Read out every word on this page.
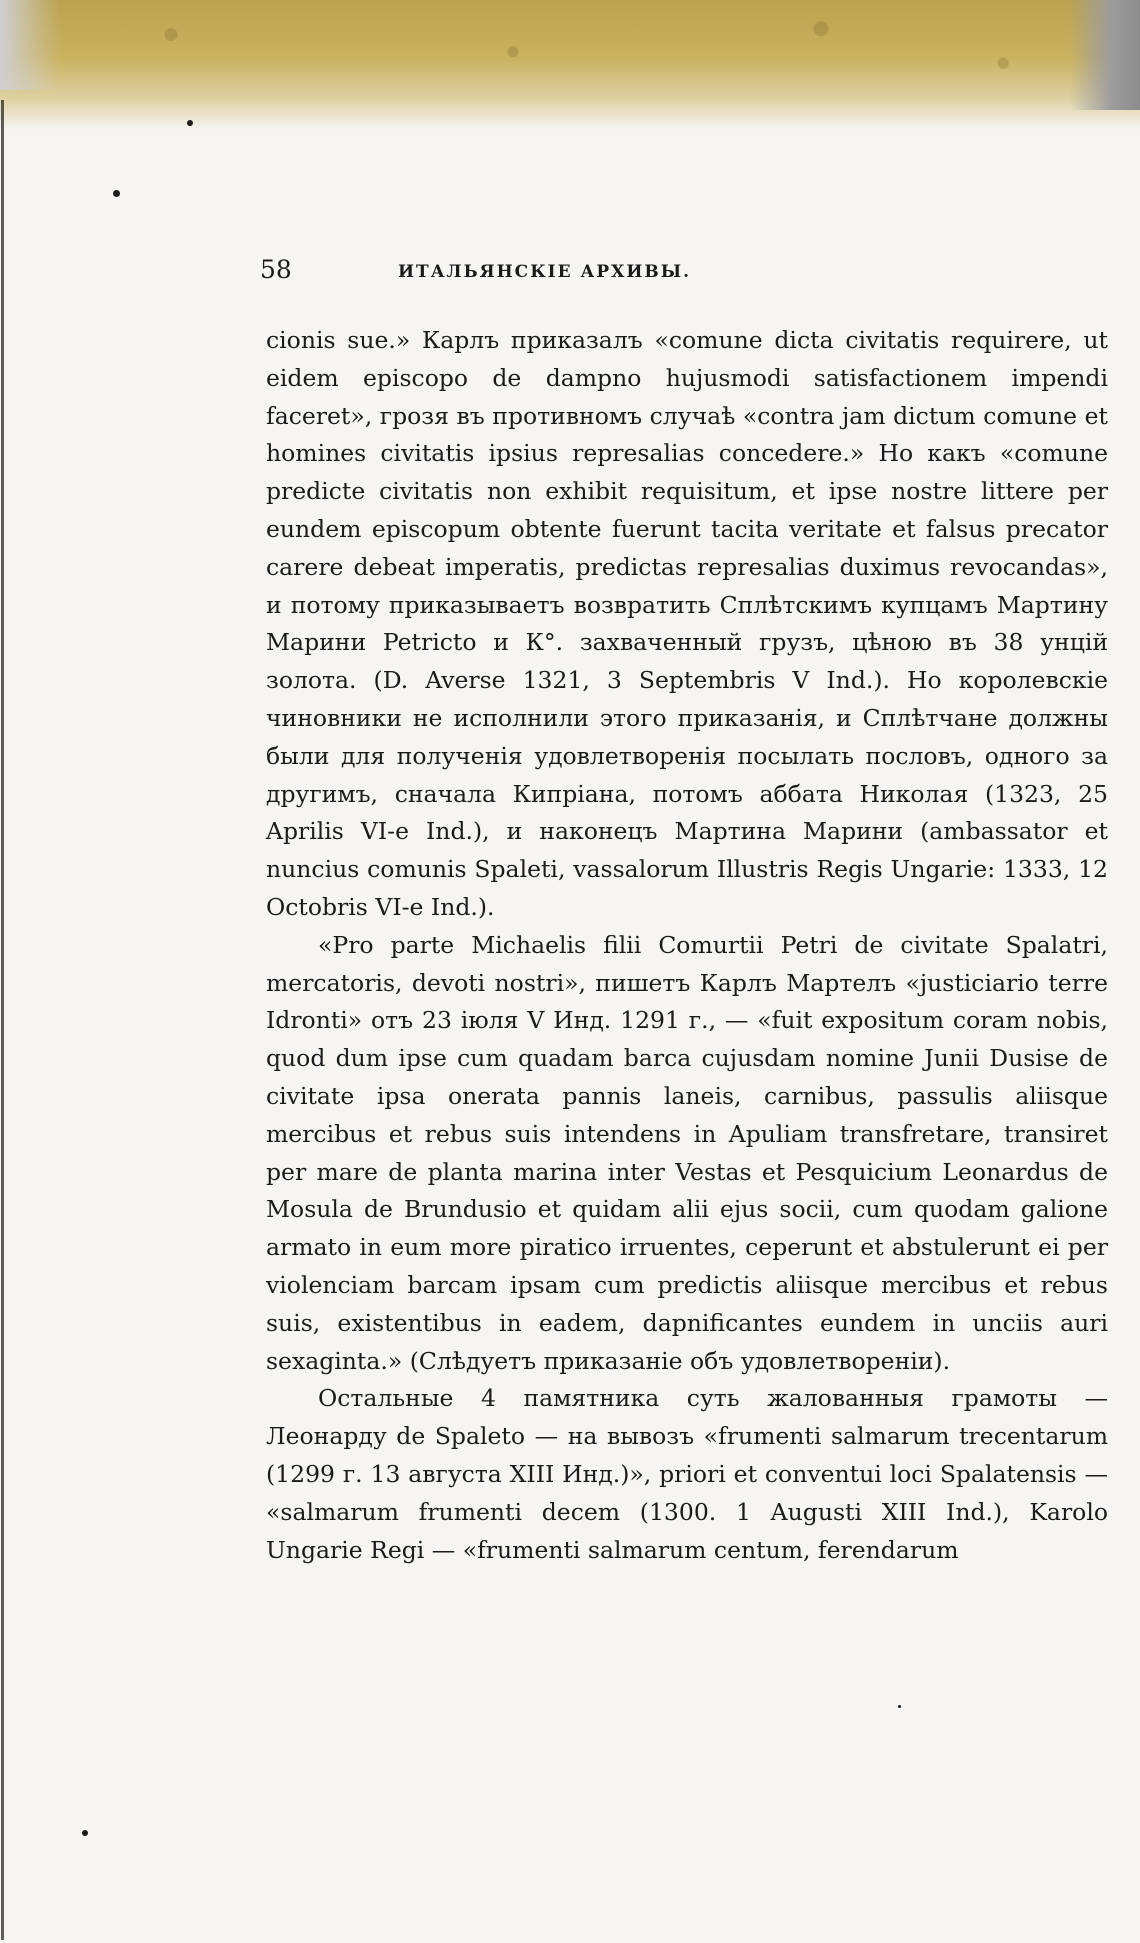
58	ИТАЛЬЯНСКІЕ АРХИВЫ.

cionis sue.» Карлъ приказалъ «comune dicta civitatis requirere, ut eidem episcopo de dampno hujusmodi satisfactionem impendi faceret», грозя въ противномъ случаѣ «contra jam dictum comune et homines civitatis ipsius represalias concedere.» Но какъ «comune predicte civitatis non exhibit requisitum, et ipse nostre littere per eundem episcopum obtente fuerunt tacita veritate et falsus precator carere debeat imperatis, predictas represalias duximus revocandas», и потому приказываетъ возвратить Сплѣтскимъ купцамъ Мартину Марини Petricto и К°. захваченный грузъ, цѣною въ 38 унцій золота. (D. Averse 1321, 3 Septembris V Ind.). Но королевскіе чиновники не исполнили этого приказанія, и Сплѣтчане должны были для полученія удовлетворенія посылать пословъ, одного за другимъ, сначала Кипріана, потомъ аббата Николая (1323, 25 Aprilis VI-e Ind.), и наконецъ Мартина Марини (ambassator et nuncius comunis Spaleti, vassalorum Illustris Regis Ungarie: 1333, 12 Octobris VI-e Ind.).

«Pro parte Michaelis filii Comurtii Petri de civitate Spalatri, mercatoris, devoti nostri», пишетъ Карлъ Мартелъ «justiciario terre Idronti» отъ 23 іюля V Инд. 1291 г., — «fuit expositum coram nobis, quod dum ipse cum quadam barca cujusdam nomine Junii Dusise de civitate ipsa onerata pannis laneis, carnibus, passulis aliisque mercibus et rebus suis intendens in Apuliam transfretare, transiret per mare de planta marina inter Vestas et Pesquicium Leonardus de Mosula de Brundusio et quidam alii ejus socii, cum quodam galione armato in eum more piratico irruentes, ceperunt et abstulerunt ei per violenciam barcam ipsam cum predictis aliisque mercibus et rebus suis, existentibus in eadem, dapnificantes eundem in unciis auri sexaginta.» (Слѣдуетъ приказаніе объ удовлетвореніи).

Остальные 4 памятника суть жалованныя грамоты — Леонарду de Spaleto — на вывозъ «frumenti salmarum trecentarum (1299 г. 13 августа XIII Инд.)», priori et conventui loci Spalatensis — «salmarum frumenti decem (1300. 1 Augusti XIII Ind.), Karolo Ungarie Regi — «frumenti salmarum centum, ferendarum
